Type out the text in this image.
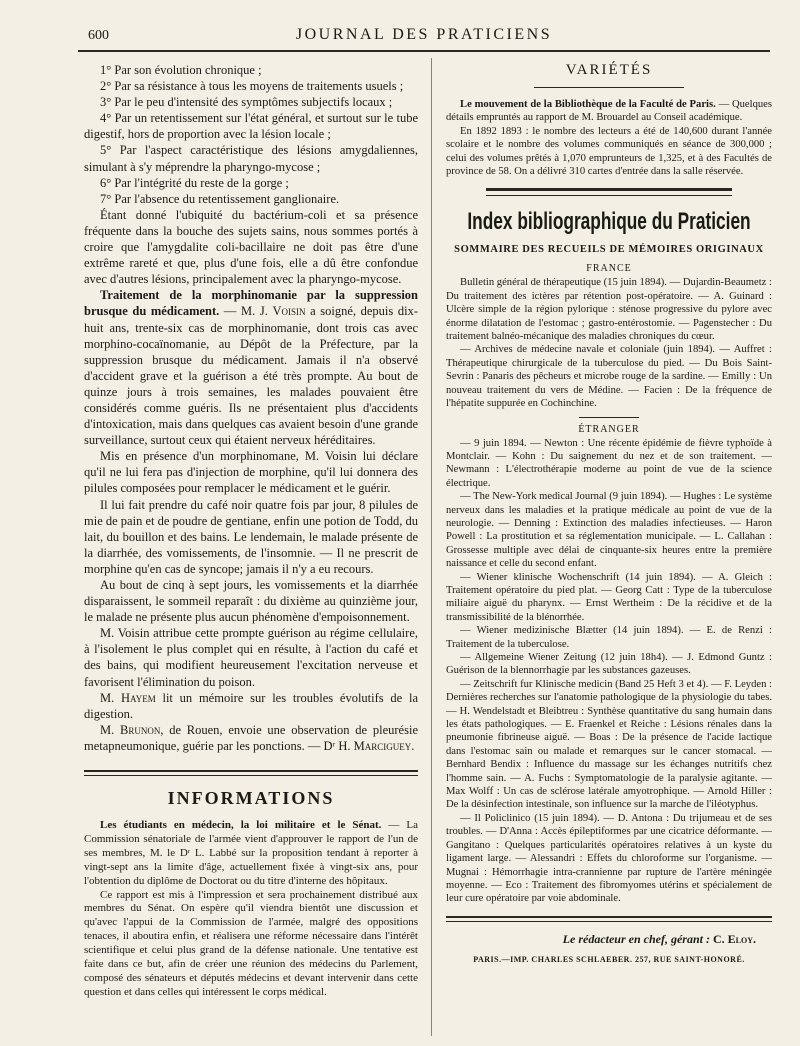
600	JOURNAL DES PRATICIENS

1° Par son évolution chronique ;

2° Par sa résistance à tous les moyens de traitements usuels ;

3° Par le peu d'intensité des symptômes subjectifs locaux ;

4° Par un retentissement sur l'état général, et surtout sur le tube digestif, hors de proportion avec la lésion locale ;

5° Par l'aspect caractéristique des lésions amygdaliennes, simulant à s'y méprendre la pharyngo-mycose ;

6° Par l'intégrité du reste de la gorge ;

7° Par l'absence du retentissement ganglionaire.

Étant donné l'ubiquité du bactérium-coli et sa présence fréquente dans la bouche des sujets sains, nous sommes portés à croire que l'amygdalite coli-bacillaire ne doit pas être d'une extrême rareté et que, plus d'une fois, elle a dû être confondue avec d'autres lésions, principalement avec la pharyngo-mycose.

Traitement de la morphinomanie par la suppression brusque du médicament. — M. J. Voisin a soigné, depuis dix-huit ans, trente-six cas de morphinomanie, dont trois cas avec morphino-cocaïnomanie, au Dépôt de la Préfecture, par la suppression brusque du médicament. Jamais il n'a observé d'accident grave et la guérison a été très prompte. Au bout de quinze jours à trois semaines, les malades pouvaient être considérés comme guéris. Ils ne présentaient plus d'accidents d'intoxication, mais dans quelques cas avaient besoin d'une grande surveillance, surtout ceux qui étaient nerveux héréditaires.

Mis en présence d'un morphinomane, M. Voisin lui déclare qu'il ne lui fera pas d'injection de morphine, qu'il lui donnera des pilules composées pour remplacer le médicament et le guérir.

Il lui fait prendre du café noir quatre fois par jour, 8 pilules de mie de pain et de poudre de gentiane, enfin une potion de Todd, du lait, du bouillon et des bains. Le lendemain, le malade présente de la diarrhée, des vomissements, de l'insomnie. — Il ne prescrit de morphine qu'en cas de syncope; jamais il n'y a eu recours.

Au bout de cinq à sept jours, les vomissements et la diarrhée disparaissent, le sommeil reparaît : du dixième au quinzième jour, le malade ne présente plus aucun phénomène d'empoisonnement.

M. Voisin attribue cette prompte guérison au régime cellulaire, à l'isolement le plus complet qui en résulte, à l'action du café et des bains, qui modifient heureusement l'excitation nerveuse et favorisent l'élimination du poison.

M. Hayem lit un mémoire sur les troubles évolutifs de la digestion.

M. Brunon, de Rouen, envoie une observation de pleurésie metapneumonique, guérie par les ponctions. — Dʳ H. Marciguey.

INFORMATIONS

Les étudiants en médecin, la loi militaire et le Sénat. — La Commission sénatoriale de l'armée vient d'approuver le rapport de l'un de ses membres, M. le Dʳ L. Labbé sur la proposition tendant à reporter à vingt-sept ans la limite d'âge, actuellement fixée à vingt-six ans, pour l'obtention du diplôme de Doctorat ou du titre d'interne des hôpitaux.

Ce rapport est mis à l'impression et sera prochainement distribué aux membres du Sénat. On espère qu'il viendra bientôt une discussion et qu'avec l'appui de la Commission de l'armée, malgré des oppositions tenaces, il aboutira enfin, et réalisera une réforme nécessaire dans l'intérêt scientifique et celui plus grand de la défense nationale. Une tentative est faite dans ce but, afin de créer une réunion des médecins du Parlement, composé des sénateurs et députés médecins et devant intervenir dans cette question et dans celles qui intéressent le corps médical.

VARIÉTÉS

Le mouvement de la Bibliothèque de la Faculté de Paris. — Quelques détails empruntés au rapport de M. Brouardel au Conseil académique.

En 1892 1893 : le nombre des lecteurs a été de 140,600 durant l'année scolaire et le nombre des volumes communiqués en séance de 300,000 ; celui des volumes prêtés à 1,070 emprunteurs de 1,325, et à des Facultés de province de 58. On a délivré 310 cartes d'entrée dans la salle réservée.

Index bibliographique du Praticien
SOMMAIRE DES RECUEILS DE MÉMOIRES ORIGINAUX
FRANCE

Bulletin général de thérapeutique (15 juin 1894). — Dujardin-Beaumetz : Du traitement des ictères par rétention post-opératoire. — A. Guinard : Ulcère simple de la région pylorique : sténose progressive du pylore avec énorme dilatation de l'estomac ; gastro-entérostomie. — Pagenstecher : Du traitement balnéo-mécanique des maladies chroniques du cœur.

— Archives de médecine navale et coloniale (juin 1894). — Auffret : Thérapeutique chirurgicale de la tuberculose du pied. — Du Bois Saint-Sevrin : Panaris des pêcheurs et microbe rouge de la sardine. — Emilly : Un nouveau traitement du vers de Médine. — Facien : De la fréquence de l'hépatite suppurée en Cochinchine.

ÉTRANGER

— 9 juin 1894. — Newton : Une récente épidémie de fièvre typhoïde à Montclair. — Kohn : Du saignement du nez et de son traitement. — Newmann : L'électrothérapie moderne au point de vue de la science électrique.

— The New-York medical Journal (9 juin 1894). — Hughes : Le système nerveux dans les maladies et la pratique médicale au point de vue de la neurologie. — Denning : Extinction des maladies infectieuses. — Haron Powell : La prostitution et sa réglementation municipale. — L. Callahan : Grossesse multiple avec délai de cinquante-six heures entre la première naissance et celle du second enfant.

— Wiener klinische Wochenschrift (14 juin 1894). — A. Gleich : Traitement opératoire du pied plat. — Georg Catt : Type de la tuberculose miliaire aiguë du pharynx. — Ernst Wertheim : De la récidive et de la transmissibilité de la blénorrhée.

— Wiener medizinische Blætter (14 juin 1894). — E. de Renzi : Traitement de la tuberculose.

— Allgemeine Wiener Zeitung (12 juin 18h4). — J. Edmond Guntz : Guérison de la blennorrhagie par les substances gazeuses.

— Zeitschrift fur Klinische medicin (Band 25 Heft 3 et 4). — F. Leyden : Dernières recherches sur l'anatomie pathologique de la physiologie du tabes. — H. Wendelstadt et Bleibtreu : Synthèse quantitative du sang humain dans les états pathologiques. — E. Fraenkel et Reiche : Lésions rénales dans la pneumonie fibrineuse aiguë. — Boas : De la présence de l'acide lactique dans l'estomac sain ou malade et remarques sur le cancer stomacal. — Bernhard Bendix : Influence du massage sur les échanges nutritifs chez l'homme sain. — A. Fuchs : Symptomatologie de la paralysie agitante. — Max Wolff : Un cas de sclérose latérale amyotrophique. — Arnold Hiller : De la désinfection intestinale, son influence sur la marche de l'iléotyphus.

— Il Policlinico (15 juin 1894). — D. Antona : Du trijumeau et de ses troubles. — D'Anna : Accès épileptiformes par une cicatrice déformante. — Gangitano : Quelques particularités opératoires relatives à un kyste du ligament large. — Alessandri : Effets du chloroforme sur l'organisme. — Mugnai : Hémorrhagie intra-crannienne par rupture de l'artère méningée moyenne. — Eco : Traitement des fibromyomes utérins et spécialement de leur cure opératoire par voie abdominale.

Le rédacteur en chef, gérant : C. Eloy.
PARIS.—IMP. CHARLES SCHLAEBER. 257, RUE SAINT-HONORÉ.
